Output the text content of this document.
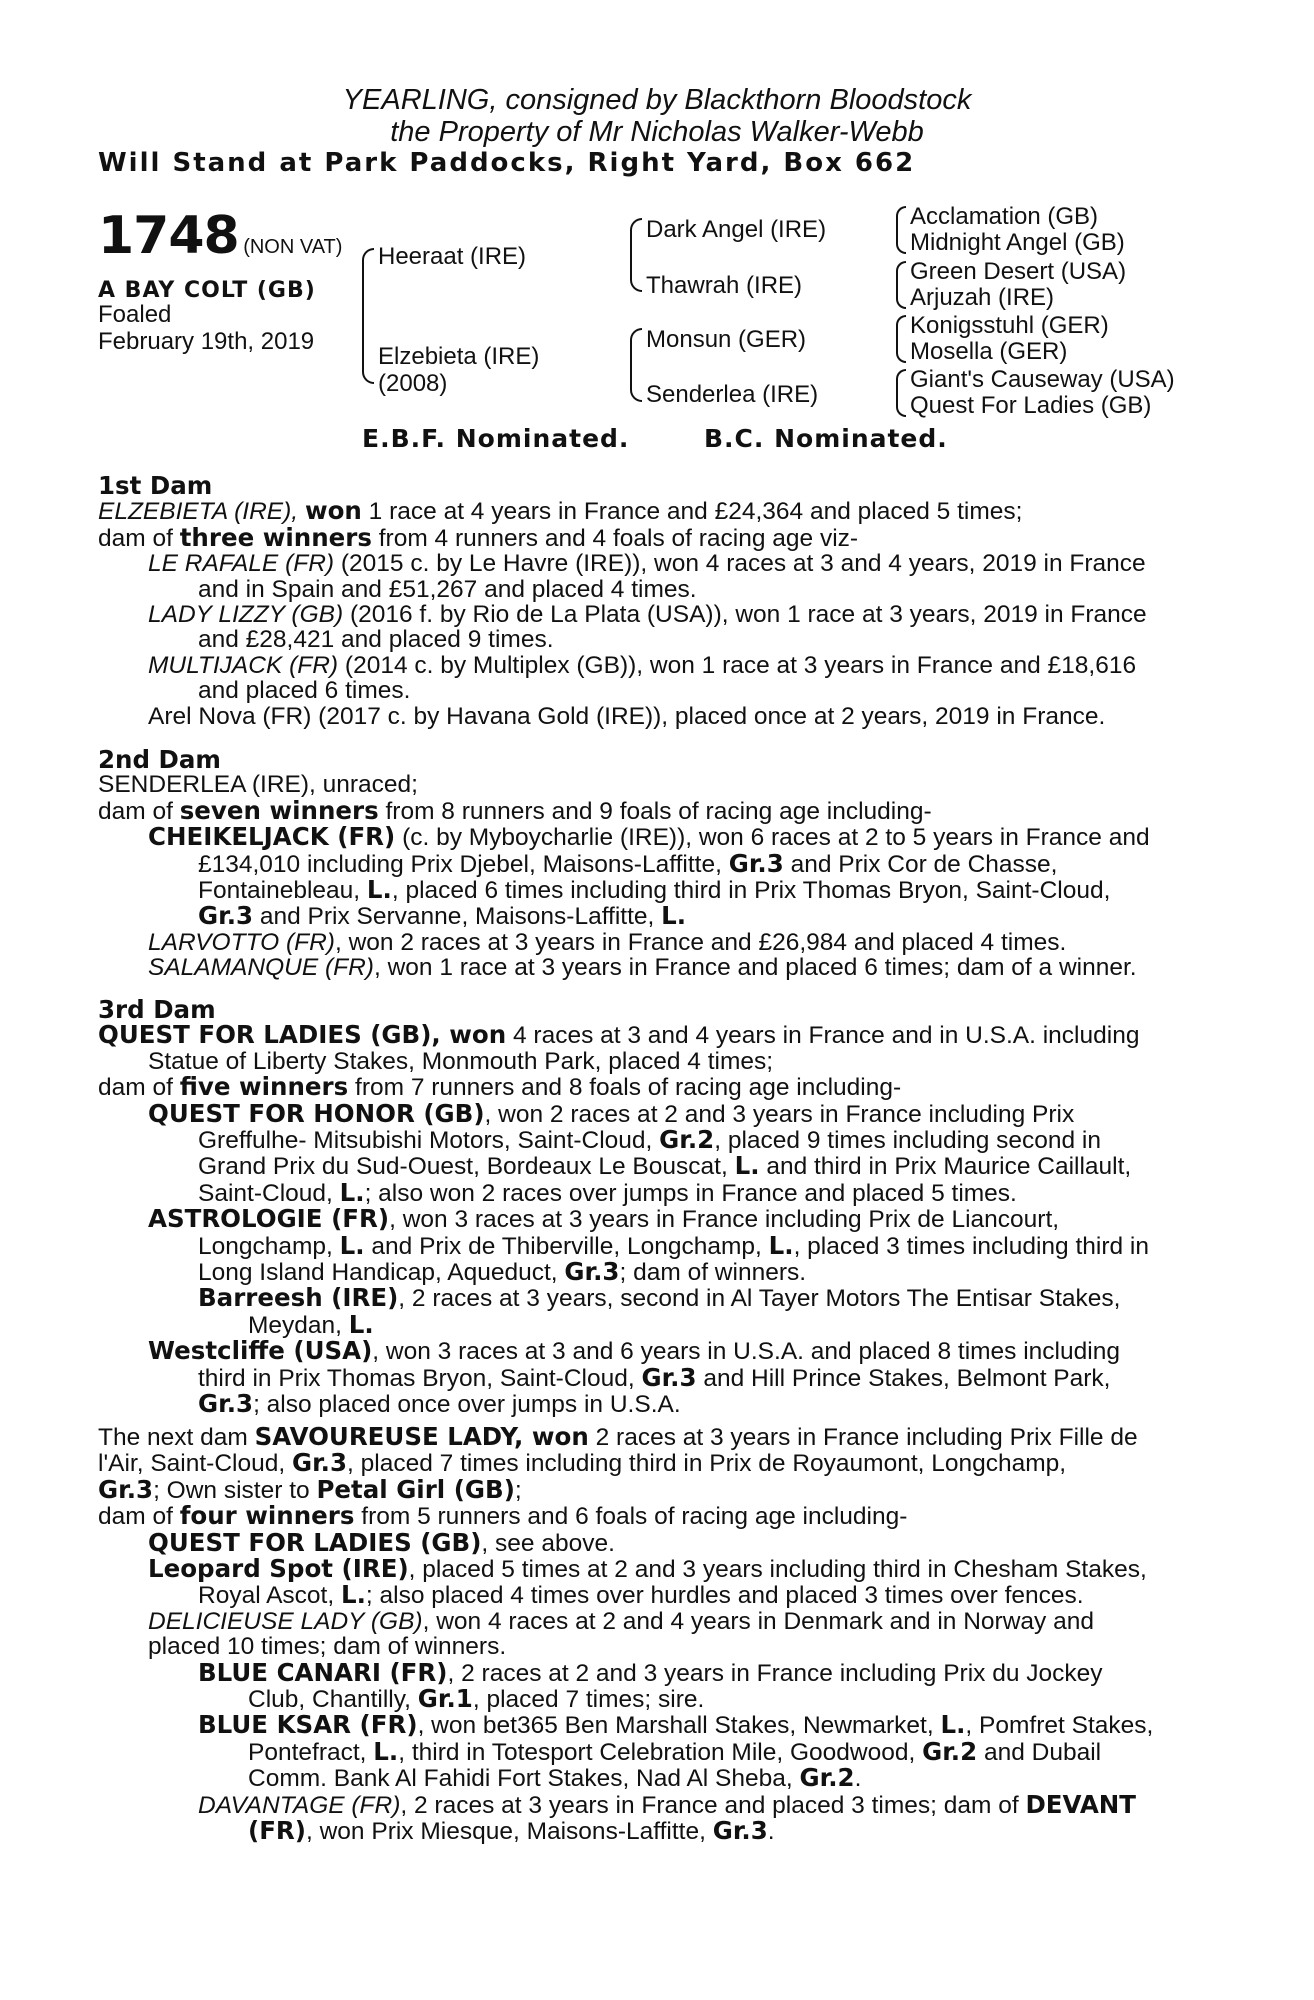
YEARLING, consigned by Blackthorn Bloodstock
the Property of Mr Nicholas Walker-Webb
Will Stand at Park Paddocks, Right Yard, Box 662
1748 (NON VAT)
A BAY COLT (GB)
Foaled
February 19th, 2019
Heeraat (IRE)
Elzebieta (IRE)
(2008)
Dark Angel (IRE)
Thawrah (IRE)
Monsun (GER)
Senderlea (IRE)
Acclamation (GB)
Midnight Angel (GB)
Green Desert (USA)
Arjuzah (IRE)
Konigsstuhl (GER)
Mosella (GER)
Giant's Causeway (USA)
Quest For Ladies (GB)
E.B.F. Nominated.	B.C. Nominated.
1st Dam
ELZEBIETA (IRE), won 1 race at 4 years in France and £24,364 and placed 5 times;
dam of three winners from 4 runners and 4 foals of racing age viz-
LE RAFALE (FR) (2015 c. by Le Havre (IRE)), won 4 races at 3 and 4 years, 2019 in France
and in Spain and £51,267 and placed 4 times.
LADY LIZZY (GB) (2016 f. by Rio de La Plata (USA)), won 1 race at 3 years, 2019 in France
and £28,421 and placed 9 times.
MULTIJACK (FR) (2014 c. by Multiplex (GB)), won 1 race at 3 years in France and £18,616
and placed 6 times.
Arel Nova (FR) (2017 c. by Havana Gold (IRE)), placed once at 2 years, 2019 in France.
2nd Dam
SENDERLEA (IRE), unraced;
dam of seven winners from 8 runners and 9 foals of racing age including-
CHEIKELJACK (FR) (c. by Myboycharlie (IRE)), won 6 races at 2 to 5 years in France and
£134,010 including Prix Djebel, Maisons-Laffitte, Gr.3 and Prix Cor de Chasse,
Fontainebleau, L., placed 6 times including third in Prix Thomas Bryon, Saint-Cloud,
Gr.3 and Prix Servanne, Maisons-Laffitte, L.
LARVOTTO (FR), won 2 races at 3 years in France and £26,984 and placed 4 times.
SALAMANQUE (FR), won 1 race at 3 years in France and placed 6 times; dam of a winner.
3rd Dam
QUEST FOR LADIES (GB), won 4 races at 3 and 4 years in France and in U.S.A. including
Statue of Liberty Stakes, Monmouth Park, placed 4 times;
dam of five winners from 7 runners and 8 foals of racing age including-
QUEST FOR HONOR (GB), won 2 races at 2 and 3 years in France including Prix
Greffulhe- Mitsubishi Motors, Saint-Cloud, Gr.2, placed 9 times including second in
Grand Prix du Sud-Ouest, Bordeaux Le Bouscat, L. and third in Prix Maurice Caillault,
Saint-Cloud, L.; also won 2 races over jumps in France and placed 5 times.
ASTROLOGIE (FR), won 3 races at 3 years in France including Prix de Liancourt,
Longchamp, L. and Prix de Thiberville, Longchamp, L., placed 3 times including third in
Long Island Handicap, Aqueduct, Gr.3; dam of winners.
Barreesh (IRE), 2 races at 3 years, second in Al Tayer Motors The Entisar Stakes,
Meydan, L.
Westcliffe (USA), won 3 races at 3 and 6 years in U.S.A. and placed 8 times including
third in Prix Thomas Bryon, Saint-Cloud, Gr.3 and Hill Prince Stakes, Belmont Park,
Gr.3; also placed once over jumps in U.S.A.
The next dam SAVOUREUSE LADY, won 2 races at 3 years in France including Prix Fille de
l'Air, Saint-Cloud, Gr.3, placed 7 times including third in Prix de Royaumont, Longchamp,
Gr.3; Own sister to Petal Girl (GB);
dam of four winners from 5 runners and 6 foals of racing age including-
QUEST FOR LADIES (GB), see above.
Leopard Spot (IRE), placed 5 times at 2 and 3 years including third in Chesham Stakes,
Royal Ascot, L.; also placed 4 times over hurdles and placed 3 times over fences.
DELICIEUSE LADY (GB), won 4 races at 2 and 4 years in Denmark and in Norway and
placed 10 times; dam of winners.
BLUE CANARI (FR), 2 races at 2 and 3 years in France including Prix du Jockey
Club, Chantilly, Gr.1, placed 7 times; sire.
BLUE KSAR (FR), won bet365 Ben Marshall Stakes, Newmarket, L., Pomfret Stakes,
Pontefract, L., third in Totesport Celebration Mile, Goodwood, Gr.2 and Dubail
Comm. Bank Al Fahidi Fort Stakes, Nad Al Sheba, Gr.2.
DAVANTAGE (FR), 2 races at 3 years in France and placed 3 times; dam of DEVANT
(FR), won Prix Miesque, Maisons-Laffitte, Gr.3.
